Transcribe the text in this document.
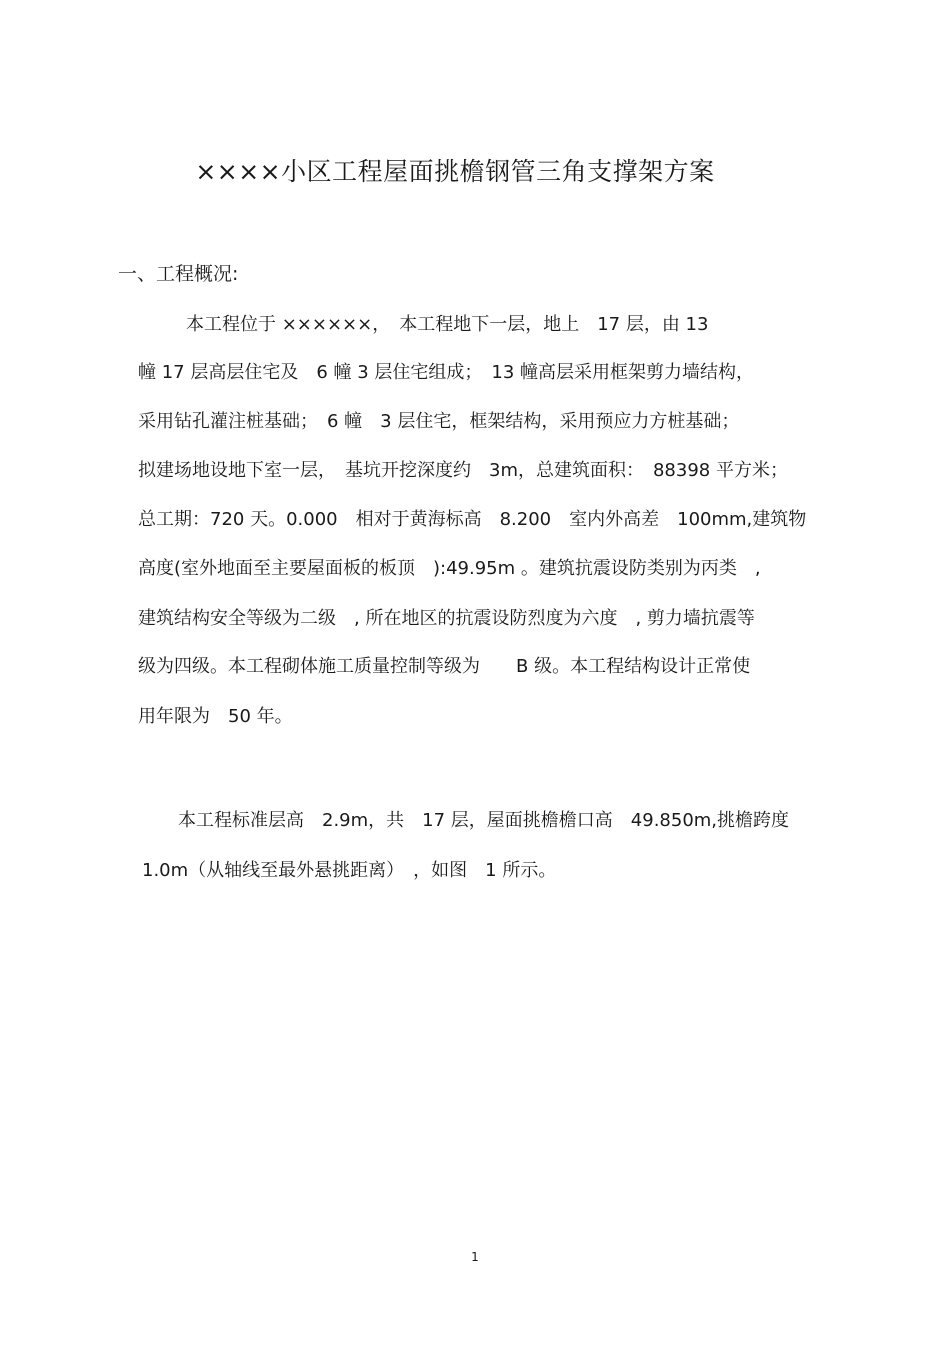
××××小区工程屋面挑檐钢管三角支撑架方案
一、工程概况:
　本工程位于 ××××××，　本工程地下一层，地上　17 层，由 13
幢 17 层高层住宅及　6 幢 3 层住宅组成；　13 幢高层采用框架剪力墙结构，
采用钻孔灌注桩基础；　6 幢　3 层住宅，框架结构，采用预应力方桩基础；
拟建场地设地下室一层，　基坑开挖深度约　3m，总建筑面积：　88398 平方米；
总工期：720 天。0.000　相对于黄海标高　8.200　室内外高差　100mm,建筑物
高度(室外地面至主要屋面板的板顶　):49.95m 。建筑抗震设防类别为丙类　,
建筑结构安全等级为二级　, 所在地区的抗震设防烈度为六度　, 剪力墙抗震等
级为四级。本工程砌体施工质量控制等级为　　B 级。本工程结构设计正常使
用年限为　50 年。
　本工程标准层高　2.9m，共　17 层，屋面挑檐檐口高　49.850m,挑檐跨度
1.0m（从轴线至最外悬挑距离）　，如图　1 所示。
1
